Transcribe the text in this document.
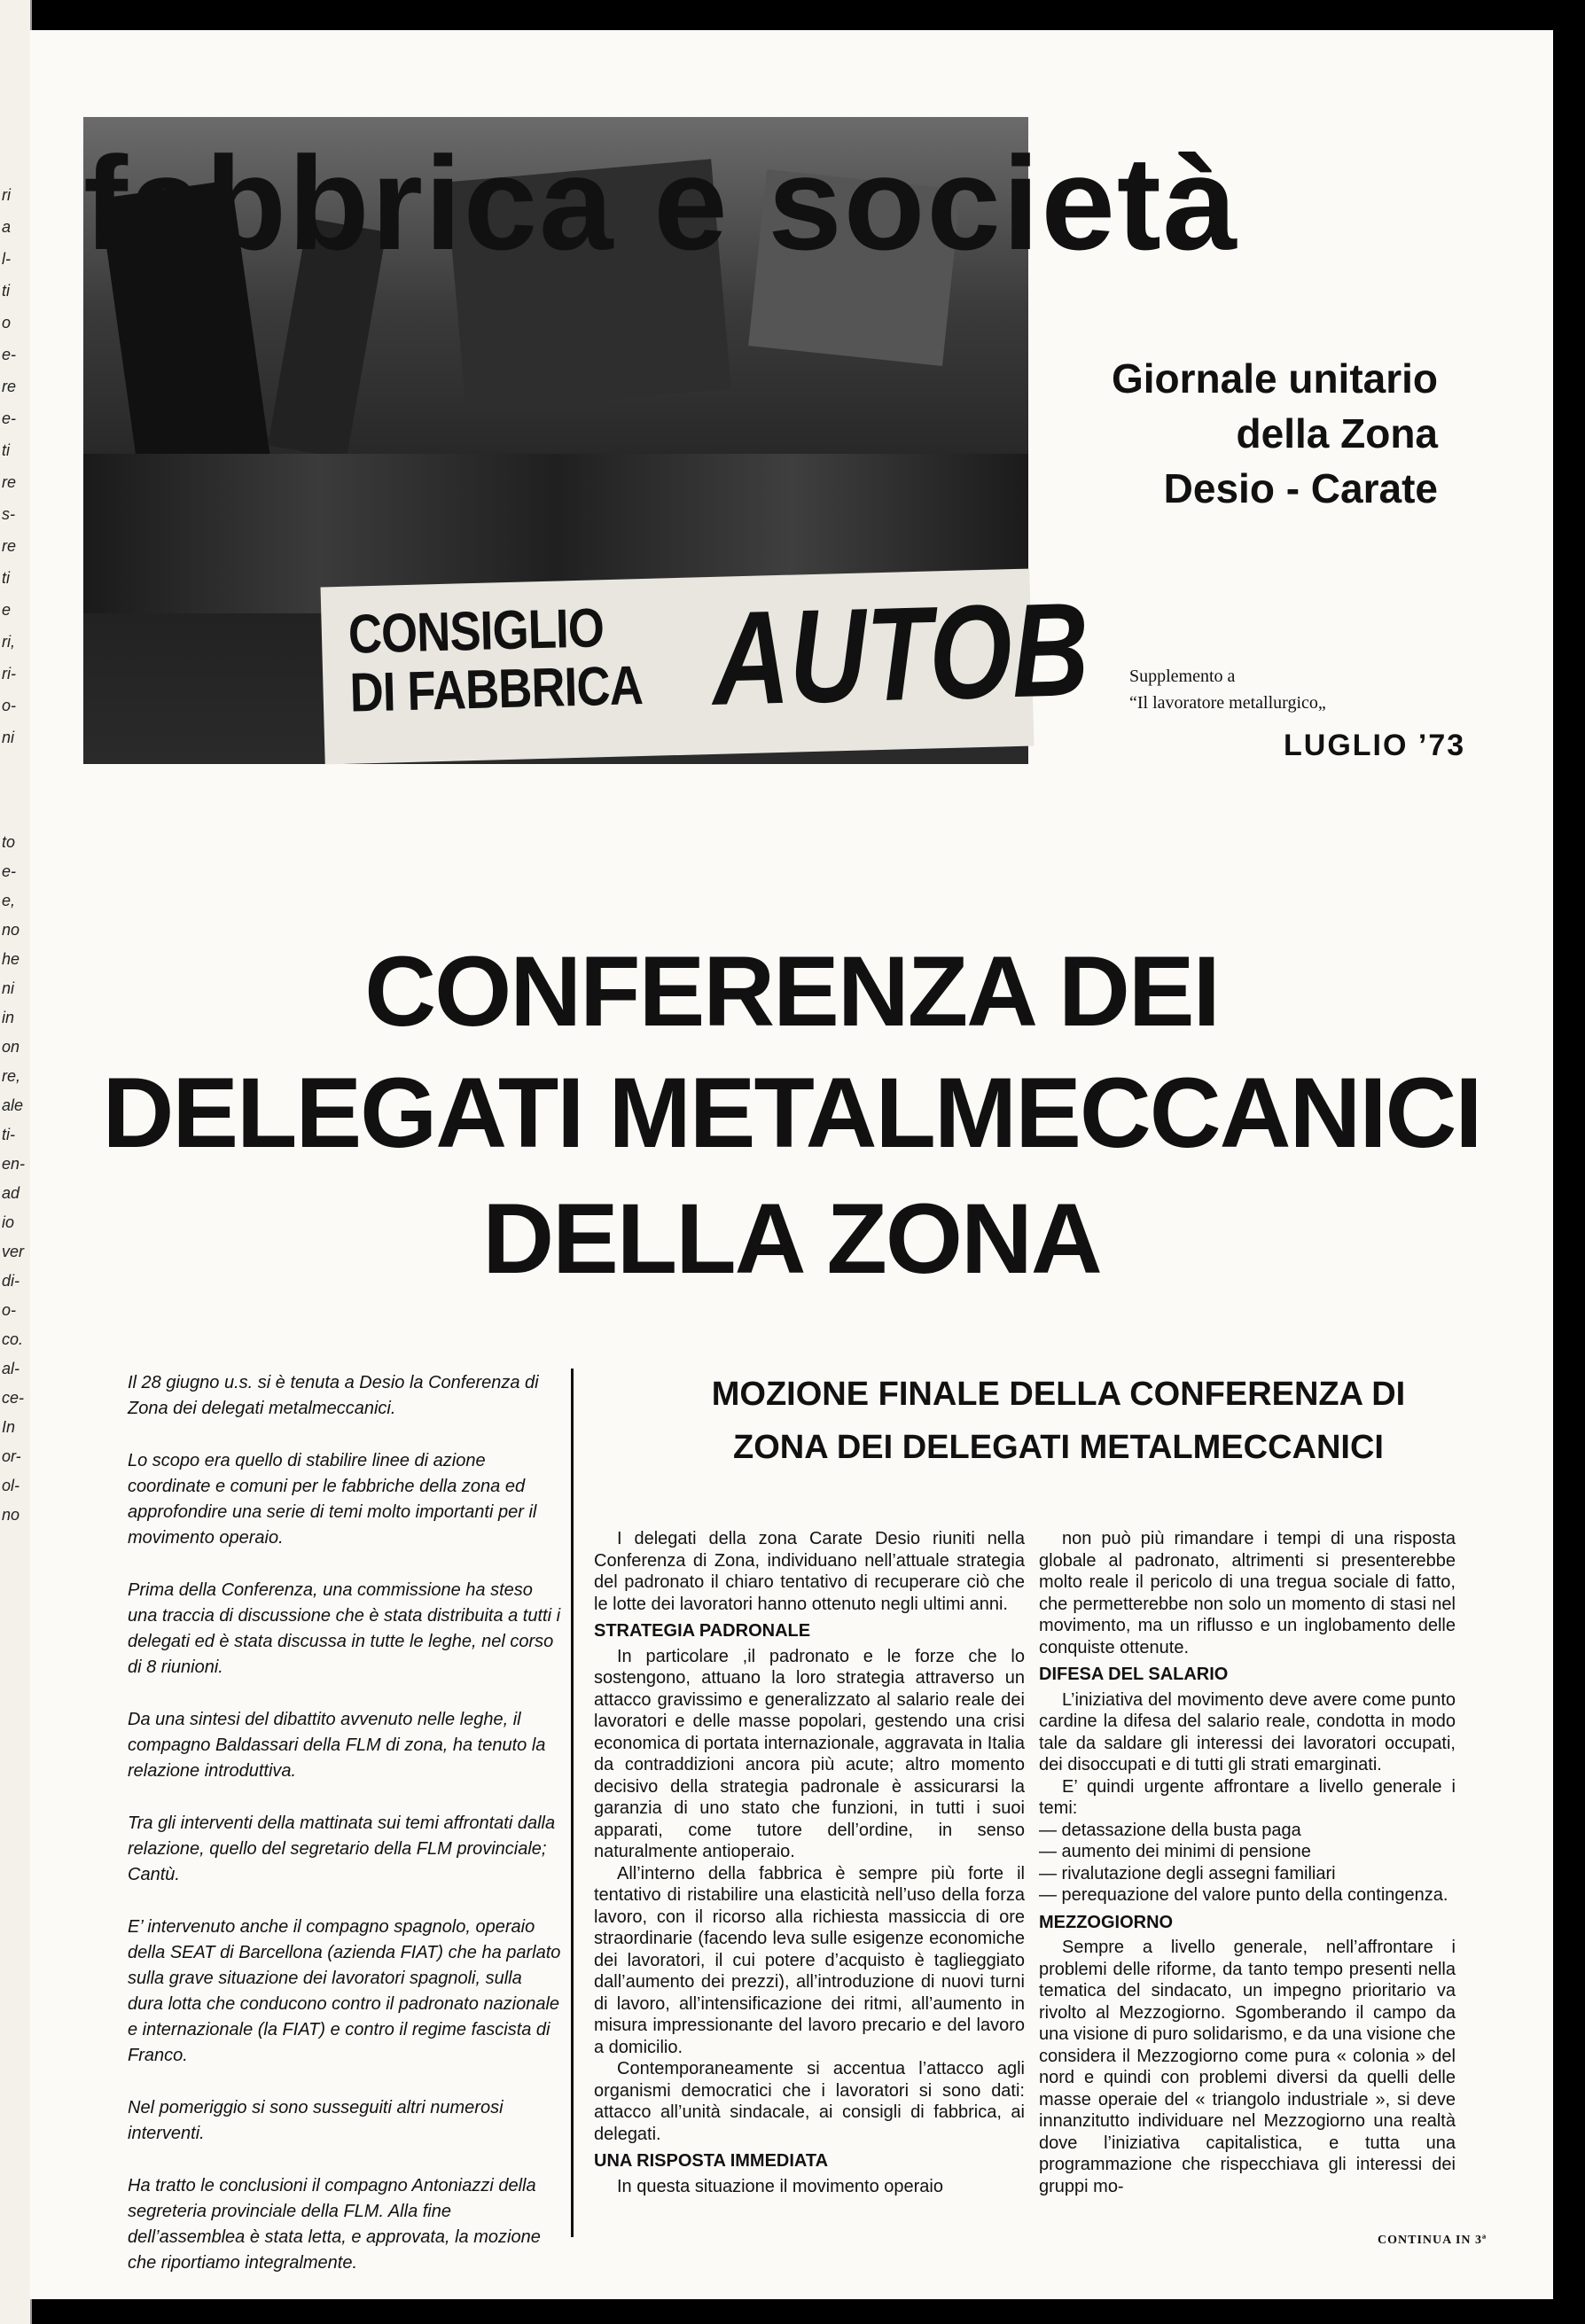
ri
a
l-
ti
o
e-
re
e-
ti
re
s-
re
ti
e
ri,
ri-
o-
ni
to
e-
e,
no
he
ni
in
on
re,
ale
ti-
en-
ad
io
ver
di-
o-
co.
al-
ce-
In
or-
ol-
no
CONSIGLIO
DI FABBRICA AUTOB
fabbrica e società
Giornale unitario
della Zona
Desio - Carate
Supplemento a
“Il lavoratore metallurgico„
LUGLIO ’73
CONFERENZA DEI
DELEGATI METALMECCANICI
DELLA ZONA

Il 28 giugno u.s. si è tenuta a Desio la Conferenza di Zona dei delegati metalmeccanici.

Lo scopo era quello di stabilire linee di azione coordinate e comuni per le fabbriche della zona ed approfondire una serie di temi molto importanti per il movimento operaio.

Prima della Conferenza, una commissione ha steso una traccia di discussione che è stata distribuita a tutti i delegati ed è stata discussa in tutte le leghe, nel corso di 8 riunioni.

Da una sintesi del dibattito avvenuto nelle leghe, il compagno Baldassari della FLM di zona, ha tenuto la relazione introduttiva.

Tra gli interventi della mattinata sui temi affrontati dalla relazione, quello del segretario della FLM provinciale; Cantù.

E’ intervenuto anche il compagno spagnolo, operaio della SEAT di Barcellona (azienda FIAT) che ha parlato sulla grave situazione dei lavoratori spagnoli, sulla dura lotta che conducono contro il padronato nazionale e internazionale (la FIAT) e contro il regime fascista di Franco.

Nel pomeriggio si sono susseguiti altri numerosi interventi.

Ha tratto le conclusioni il compagno Antoniazzi della segreteria provinciale della FLM. Alla fine dell’assemblea è stata letta, e approvata, la mozione che riportiamo integralmente.

MOZIONE FINALE DELLA CONFERENZA DI
ZONA DEI DELEGATI METALMECCANICI

I delegati della zona Carate Desio riuniti nella Conferenza di Zona, individuano nell’attuale strategia del padronato il chiaro tentativo di recuperare ciò che le lotte dei lavoratori hanno ottenuto negli ultimi anni.

STRATEGIA PADRONALE

In particolare ,il padronato e le forze che lo sostengono, attuano la loro strategia attraverso un attacco gravissimo e generalizzato al salario reale dei lavoratori e delle masse popolari, gestendo una crisi economica di portata internazionale, aggravata in Italia da contraddizioni ancora più acute; altro momento decisivo della strategia padronale è assicurarsi la garanzia di uno stato che funzioni, in tutti i suoi apparati, come tutore dell’ordine, in senso naturalmente antioperaio.

All’interno della fabbrica è sempre più forte il tentativo di ristabilire una elasticità nell’uso della forza lavoro, con il ricorso alla richiesta massiccia di ore straordinarie (facendo leva sulle esigenze economiche dei lavoratori, il cui potere d’acquisto è taglieggiato dall’aumento dei prezzi), all’introduzione di nuovi turni di lavoro, all’intensificazione dei ritmi, all’aumento in misura impressionante del lavoro precario e del lavoro a domicilio.

Contemporaneamente si accentua l’attacco agli organismi democratici che i lavoratori si sono dati: attacco all’unità sindacale, ai consigli di fabbrica, ai delegati.

UNA RISPOSTA IMMEDIATA

In questa situazione il movimento operaio

non può più rimandare i tempi di una risposta globale al padronato, altrimenti si presenterebbe molto reale il pericolo di una tregua sociale di fatto, che permetterebbe non solo un momento di stasi nel movimento, ma un riflusso e un inglobamento delle conquiste ottenute.

DIFESA DEL SALARIO

L’iniziativa del movimento deve avere come punto cardine la difesa del salario reale, condotta in modo tale da saldare gli interessi dei lavoratori occupati, dei disoccupati e di tutti gli strati emarginati.

E’ quindi urgente affrontare a livello generale i temi:

— detassazione della busta paga
— aumento dei minimi di pensione
— rivalutazione degli assegni familiari
— perequazione del valore punto della contingenza.

MEZZOGIORNO

Sempre a livello generale, nell’affrontare i problemi delle riforme, da tanto tempo presenti nella tematica del sindacato, un impegno prioritario va rivolto al Mezzogiorno. Sgomberando il campo da una visione di puro solidarismo, e da una visione che considera il Mezzogiorno come pura « colonia » del nord e quindi con problemi diversi da quelli delle masse operaie del « triangolo industriale », si deve innanzitutto individuare nel Mezzogiorno una realtà dove l’iniziativa capitalistica, e tutta una programmazione che rispecchiava gli interessi dei gruppi mo-

CONTINUA IN 3ª
